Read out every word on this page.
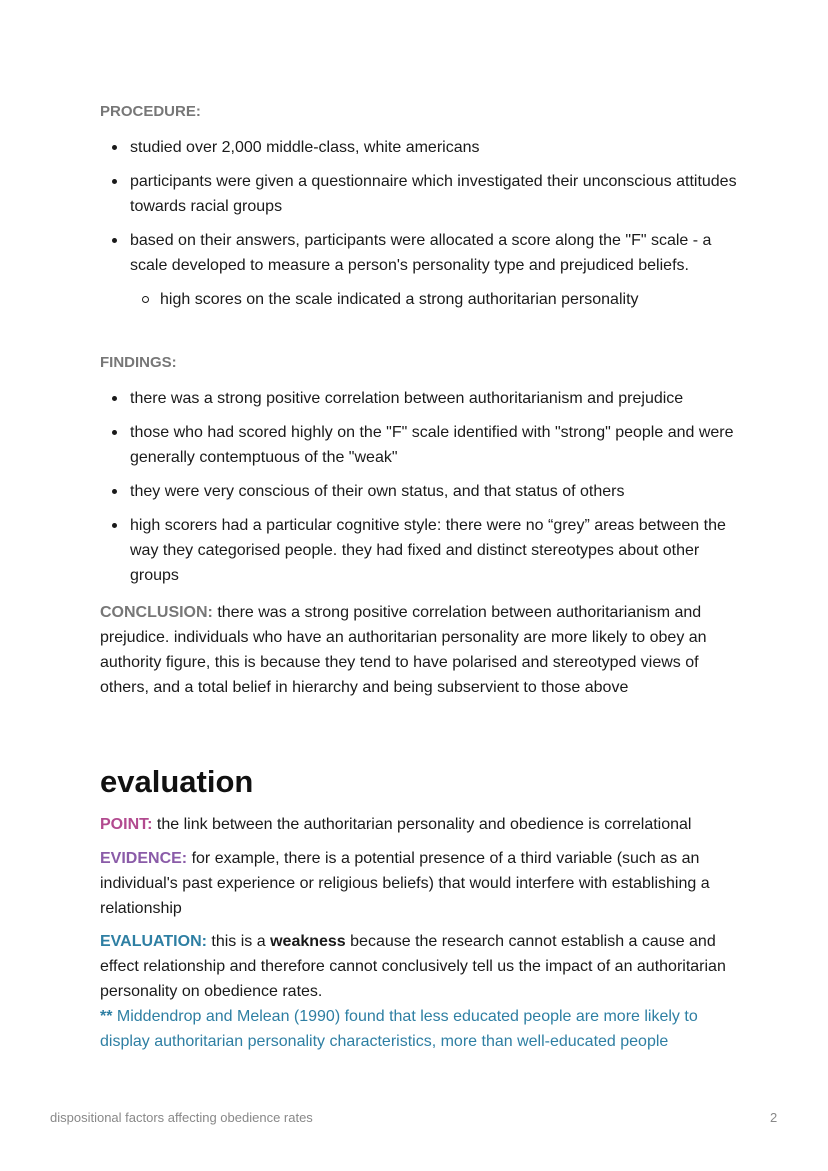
PROCEDURE:
studied over 2,000 middle-class, white americans
participants were given a questionnaire which investigated their unconscious attitudes towards racial groups
based on their answers, participants were allocated a score along the "F" scale - a scale developed to measure a person's personality type and prejudiced beliefs.
high scores on the scale indicated a strong authoritarian personality
FINDINGS:
there was a strong positive correlation between authoritarianism and prejudice
those who had scored highly on the "F" scale identified with "strong" people and were generally contemptuous of the "weak"
they were very conscious of their own status, and that status of others
high scorers had a particular cognitive style: there were no “grey” areas between the way they categorised people. they had fixed and distinct stereotypes about other groups

CONCLUSION: there was a strong positive correlation between authoritarianism and prejudice. individuals who have an authoritarian personality are more likely to obey an authority figure, this is because they tend to have polarised and stereotyped views of others, and a total belief in hierarchy and being subservient to those above

evaluation

POINT: the link between the authoritarian personality and obedience is correlational

EVIDENCE: for example, there is a potential presence of a third variable (such as an individual's past experience or religious beliefs) that would interfere with establishing a relationship

EVALUATION: this is a weakness because the research cannot establish a cause and effect relationship and therefore cannot conclusively tell us the impact of an authoritarian personality on obedience rates.
** Middendrop and Melean (1990) found that less educated people are more likely to display authoritarian personality characteristics, more than well-educated people

dispositional factors affecting obedience rates	2
